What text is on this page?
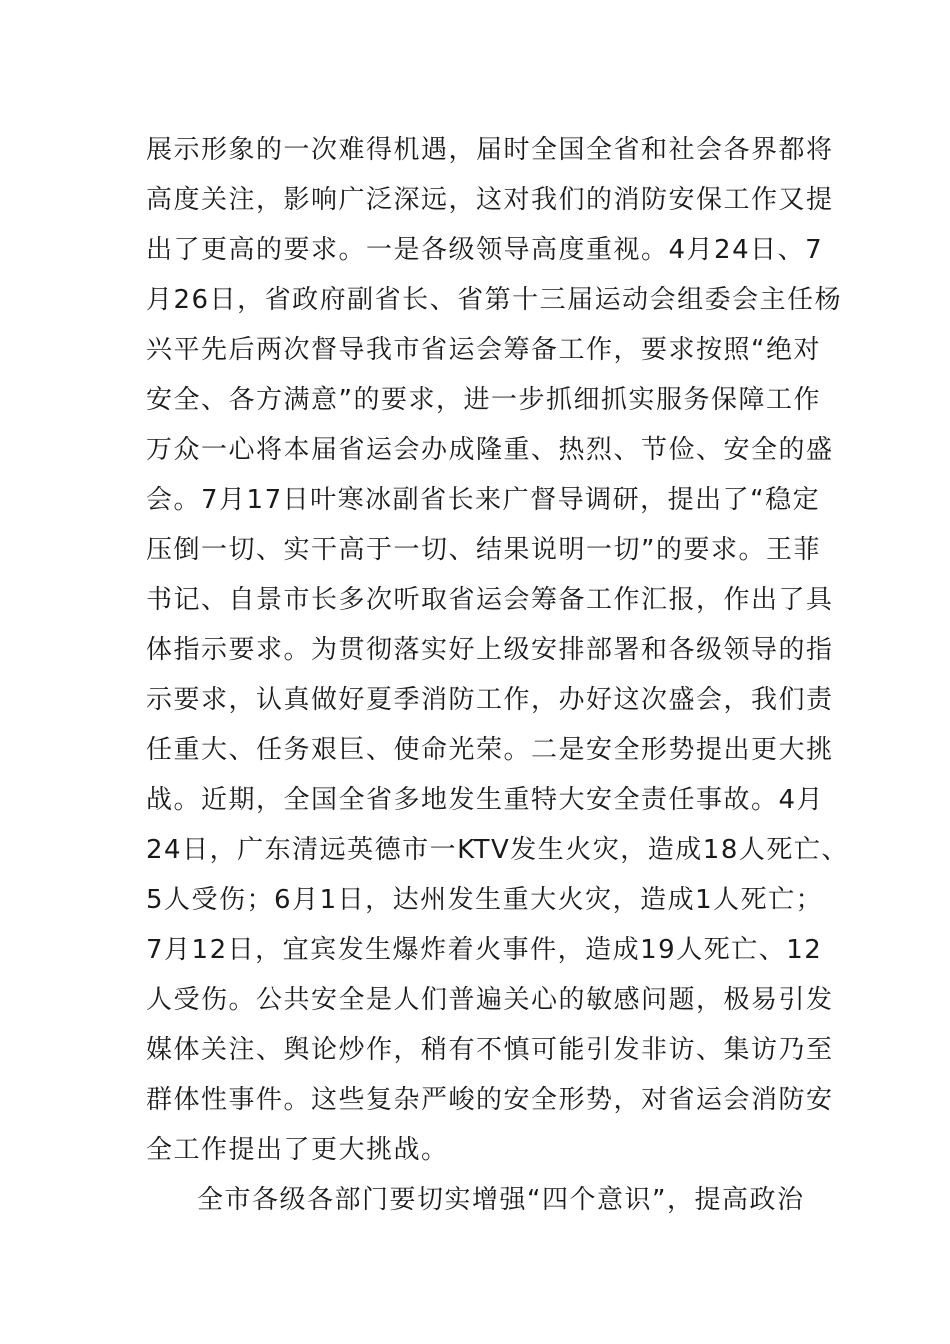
展示形象的一次难得机遇，届时全国全省和社会各界都将
高度关注，影响广泛深远，这对我们的消防安保工作又提
出了更高的要求。一是各级领导高度重视。4月24日、7
月26日，省政府副省长、省第十三届运动会组委会主任杨
兴平先后两次督导我市省运会筹备工作，要求按照“绝对
安全、各方满意”的要求，进一步抓细抓实服务保障工作
万众一心将本届省运会办成隆重、热烈、节俭、安全的盛
会。7月17日叶寒冰副省长来广督导调研，提出了“稳定
压倒一切、实干高于一切、结果说明一切”的要求。王菲
书记、自景市长多次听取省运会筹备工作汇报，作出了具
体指示要求。为贯彻落实好上级安排部署和各级领导的指
示要求，认真做好夏季消防工作，办好这次盛会，我们责
任重大、任务艰巨、使命光荣。二是安全形势提出更大挑
战。近期，全国全省多地发生重特大安全责任事故。4月
24日，广东清远英德市一KTV发生火灾，造成18人死亡、
5人受伤；6月1日，达州发生重大火灾，造成1人死亡；
7月12日，宜宾发生爆炸着火事件，造成19人死亡、12
人受伤。公共安全是人们普遍关心的敏感问题，极易引发
媒体关注、舆论炒作，稍有不慎可能引发非访、集访乃至
群体性事件。这些复杂严峻的安全形势，对省运会消防安
全工作提出了更大挑战。
全市各级各部门要切实增强“四个意识”，提高政治
